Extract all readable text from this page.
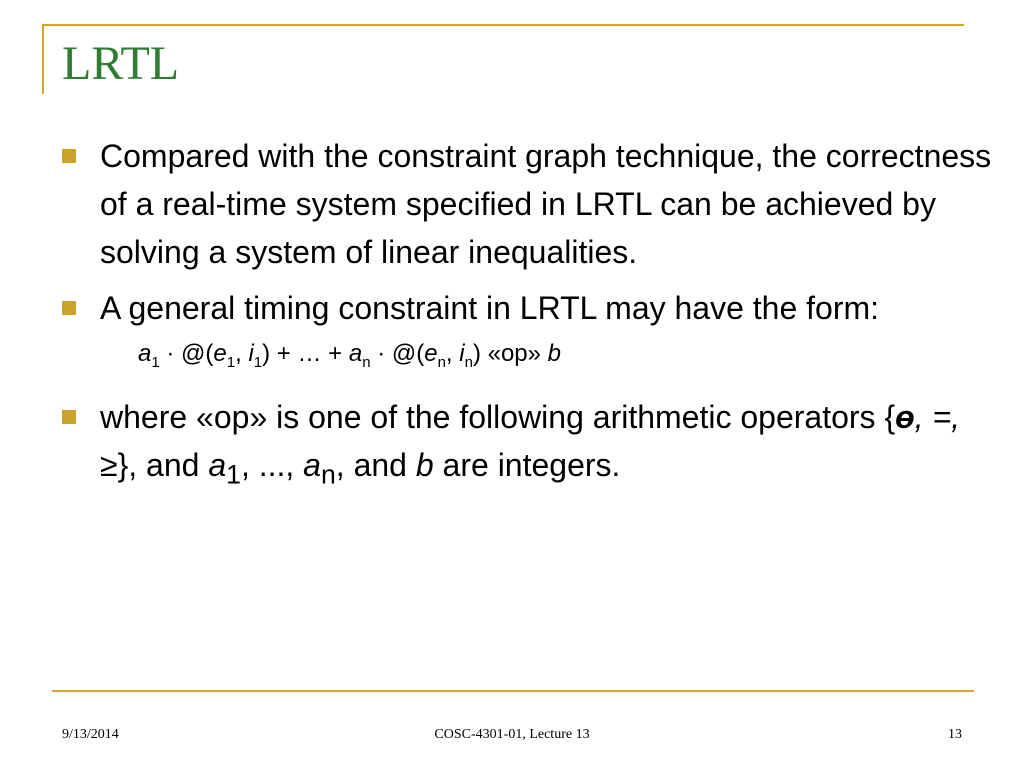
LRTL
Compared with the constraint graph technique, the correctness of a real-time system specified in LRTL can be achieved by solving a system of linear inequalities.
A general timing constraint in LRTL may have the form:
$a_1$ · $@(e_1$, $i_1$) + … + $a_n$ · $@(e_n$, $i_n$) «op» b
where «op» is one of the following arithmetic operators {ɵ, =, ≥}, and $a_1$, ..., $a_n$, and b are integers.
9/13/2014	COSC-4301-01, Lecture 13	13
